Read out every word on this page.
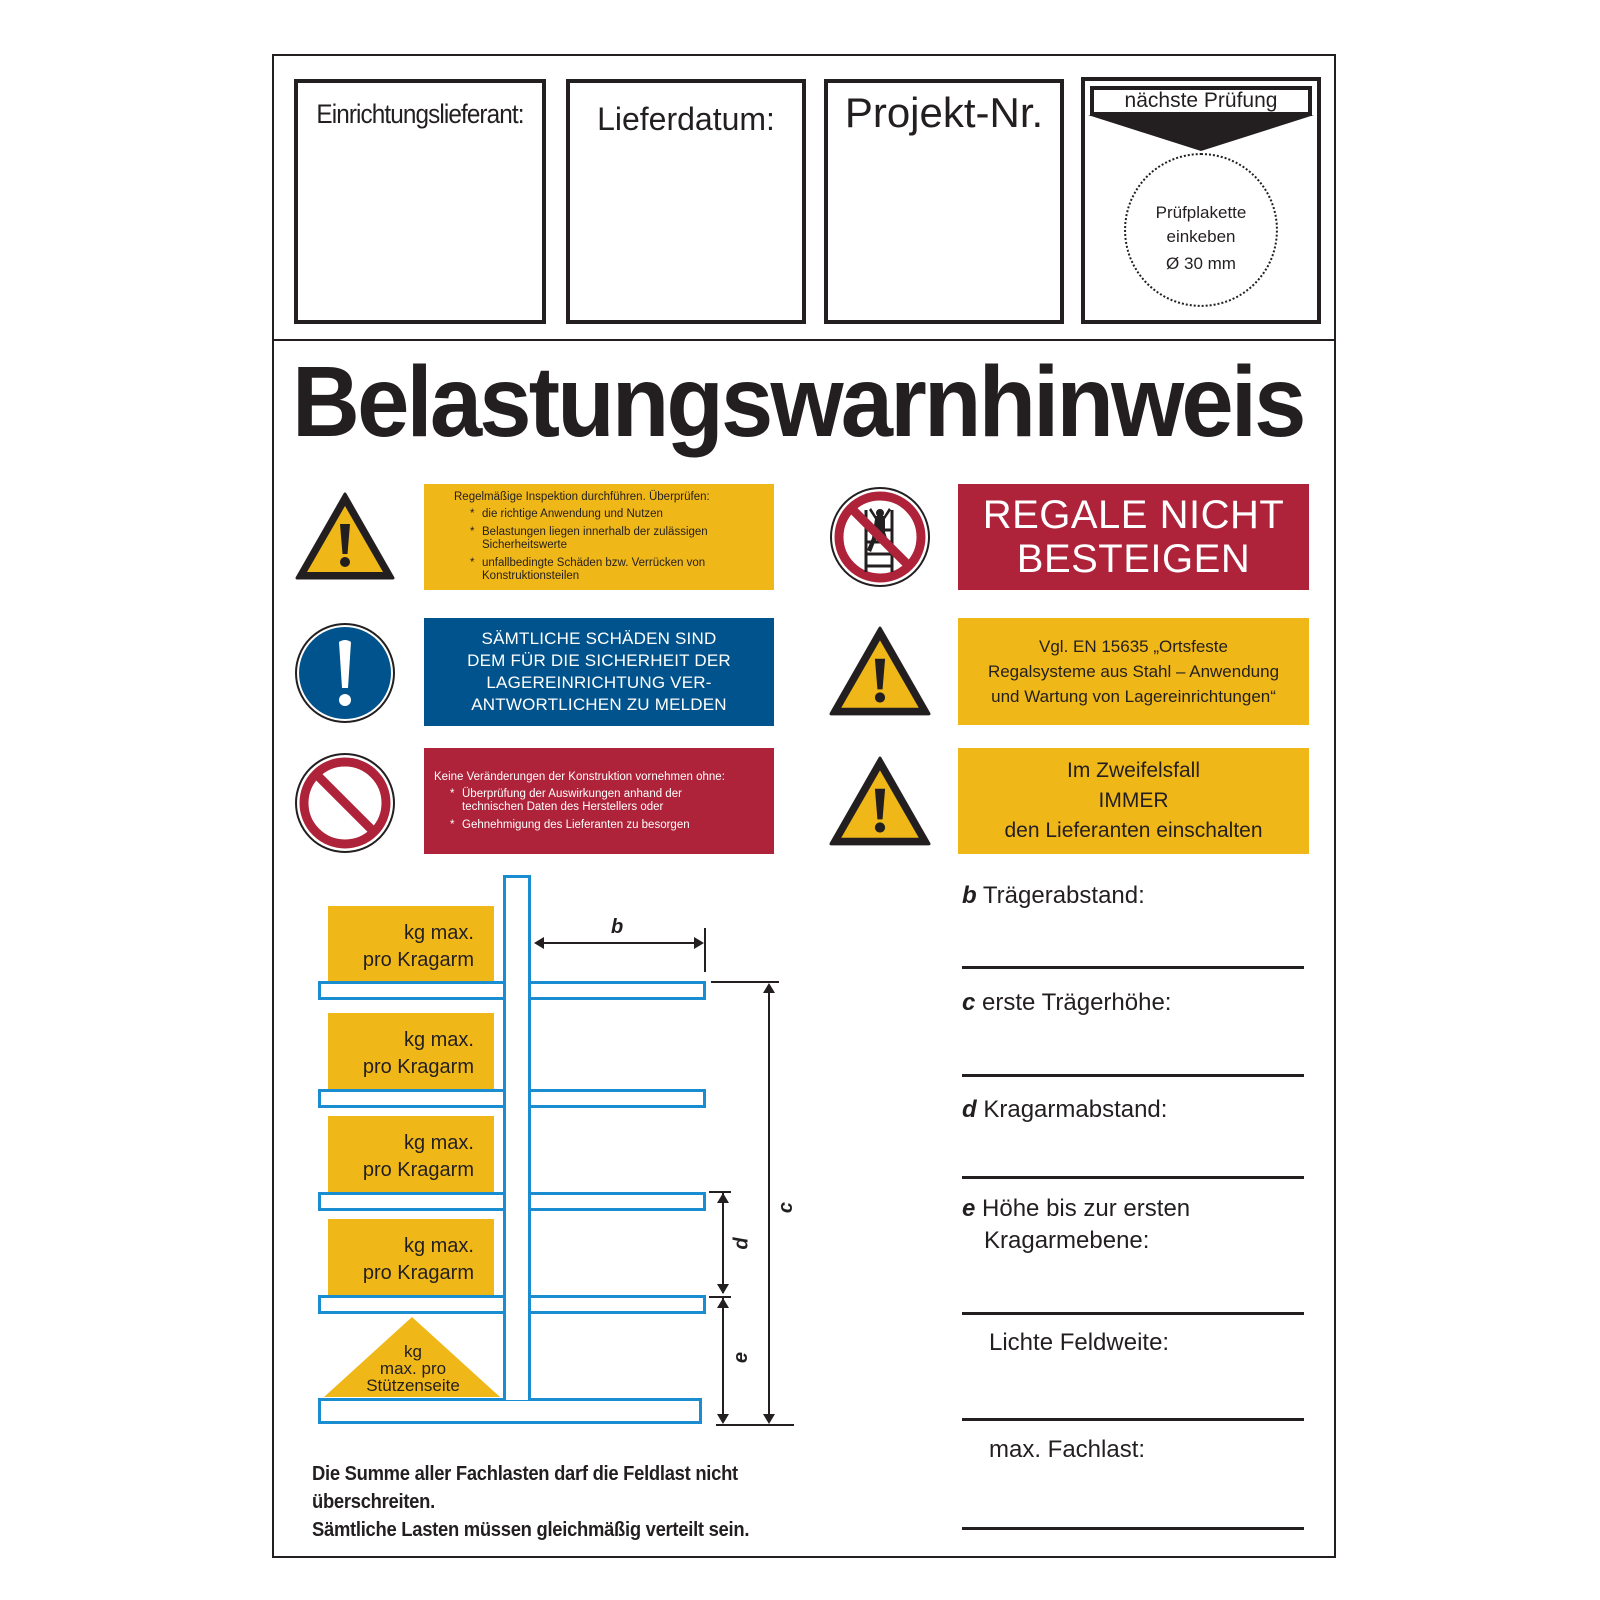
Einrichtungslieferant:	Lieferdatum:	Projekt-Nr.	nächste Prüfung
Prüfplakette
einkeben
Ø 30 mm
Belastungswarnhinweis
Regelmäßige Inspektion durchführen. Überprüfen:
* die richtige Anwendung und Nutzen
* Belastungen liegen innerhalb der zulässigen Sicherheitswerte
* unfallbedingte Schäden bzw. Verrücken von Konstruktionsteilen
SÄMTLICHE SCHÄDEN SIND
DEM FÜR DIE SICHERHEIT DER
LAGEREINRICHTUNG VER-
ANTWORTLICHEN ZU MELDEN
Keine Veränderungen der Konstruktion vornehmen ohne:
* Überprüfung der Auswirkungen anhand der technischen Daten des Herstellers oder
* Gehnehmigung des Lieferanten zu besorgen
REGALE NICHT
BESTEIGEN
Vgl. EN 15635 „Ortsfeste
Regalsysteme aus Stahl – Anwendung
und Wartung von Lagereinrichtungen“
Im Zweifelsfall
IMMER
den Lieferanten einschalten
kg max.
pro Kragarm
kg max.
pro Kragarm
kg max.
pro Kragarm
kg max.
pro Kragarm
kg
max. pro
Stützenseite
b
c
d
e
Die Summe aller Fachlasten darf die Feldlast nicht
überschreiten.
Sämtliche Lasten müssen gleichmäßig verteilt sein.
b Trägerabstand:
c erste Trägerhöhe:
d Kragarmabstand:
e Höhe bis zur ersten
Kragarmebene:
Lichte Feldweite:
max. Fachlast:
